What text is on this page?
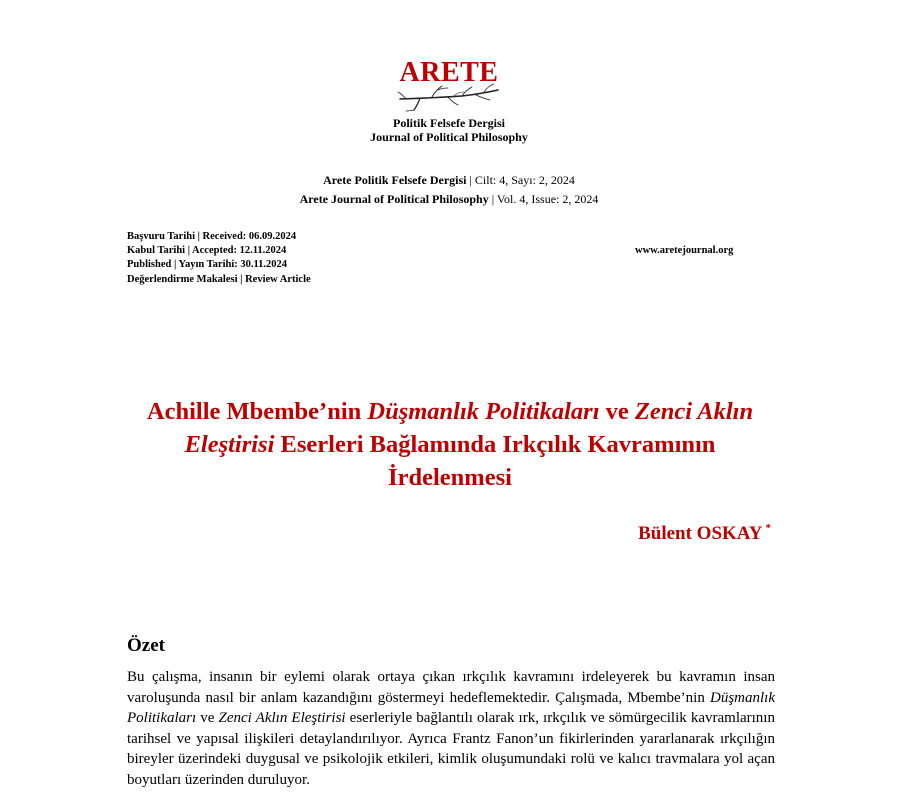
ARETE
Politik Felsefe Dergisi
Journal of Political Philosophy
Arete Politik Felsefe Dergisi | Cilt: 4, Sayı: 2, 2024
Arete Journal of Political Philosophy | Vol. 4, Issue: 2, 2024
Başvuru Tarihi | Received: 06.09.2024
Kabul Tarihi | Accepted: 12.11.2024
Published | Yayın Tarihi: 30.11.2024
Değerlendirme Makalesi | Review Article
www.aretejournal.org
Achille Mbembe’nin Düşmanlık Politikaları ve Zenci Aklın Eleştirisi Eserleri Bağlamında Irkçılık Kavramının İrdelenmesi
Bülent OSKAY *
Özet
Bu çalışma, insanın bir eylemi olarak ortaya çıkan ırkçılık kavramını irdeleyerek bu kavramın insan varoluşunda nasıl bir anlam kazandığını göstermeyi hedeflemektedir. Çalışmada, Mbembe’nin Düşmanlık Politikaları ve Zenci Aklın Eleştirisi eserleriyle bağlantılı olarak ırk, ırkçılık ve sömürgecilik kavramlarının tarihsel ve yapısal ilişkileri detaylandırılıyor. Ayrıca Frantz Fanon’un fikirlerinden yararlanarak ırkçılığın bireyler üzerindeki duygusal ve psikolojik etkileri, kimlik oluşumundaki rolü ve kalıcı travmalara yol açan boyutları üzerinden duruluyor.
